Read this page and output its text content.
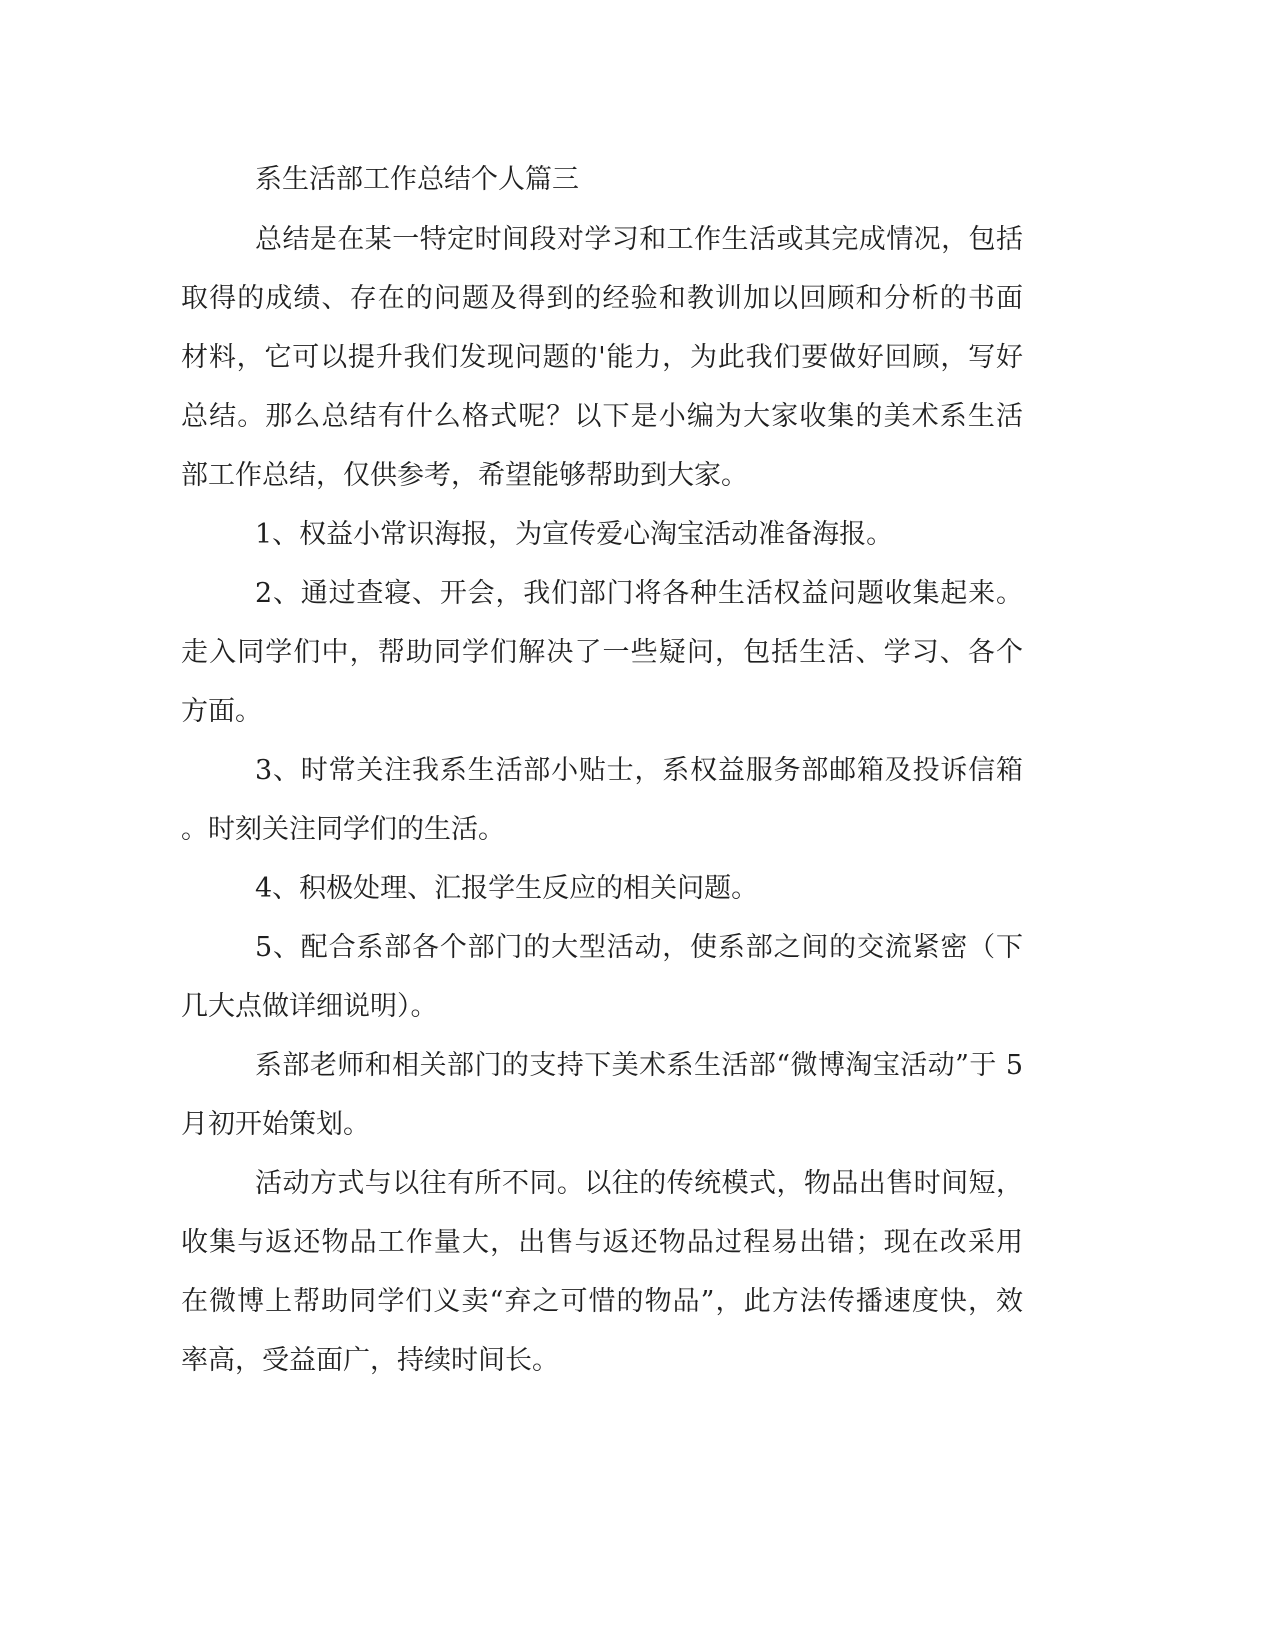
系生活部工作总结个人篇三
总结是在某一特定时间段对学习和工作生活或其完成情况，包括
取得的成绩、存在的问题及得到的经验和教训加以回顾和分析的书面
材料，它可以提升我们发现问题的'能力，为此我们要做好回顾，写好
总结。那么总结有什么格式呢？以下是小编为大家收集的美术系生活
部工作总结，仅供参考，希望能够帮助到大家。
1、权益小常识海报，为宣传爱心淘宝活动准备海报。
2、通过查寝、开会，我们部门将各种生活权益问题收集起来。
走入同学们中，帮助同学们解决了一些疑问，包括生活、学习、各个
方面。
3、时常关注我系生活部小贴士，系权益服务部邮箱及投诉信箱
。时刻关注同学们的生活。
4、积极处理、汇报学生反应的相关问题。
5、配合系部各个部门的大型活动，使系部之间的交流紧密（下
几大点做详细说明）。
系部老师和相关部门的支持下美术系生活部“微博淘宝活动”于 5
月初开始策划。
活动方式与以往有所不同。以往的传统模式，物品出售时间短，
收集与返还物品工作量大，出售与返还物品过程易出错；现在改采用
在微博上帮助同学们义卖“弃之可惜的物品”，此方法传播速度快，效
率高，受益面广，持续时间长。
